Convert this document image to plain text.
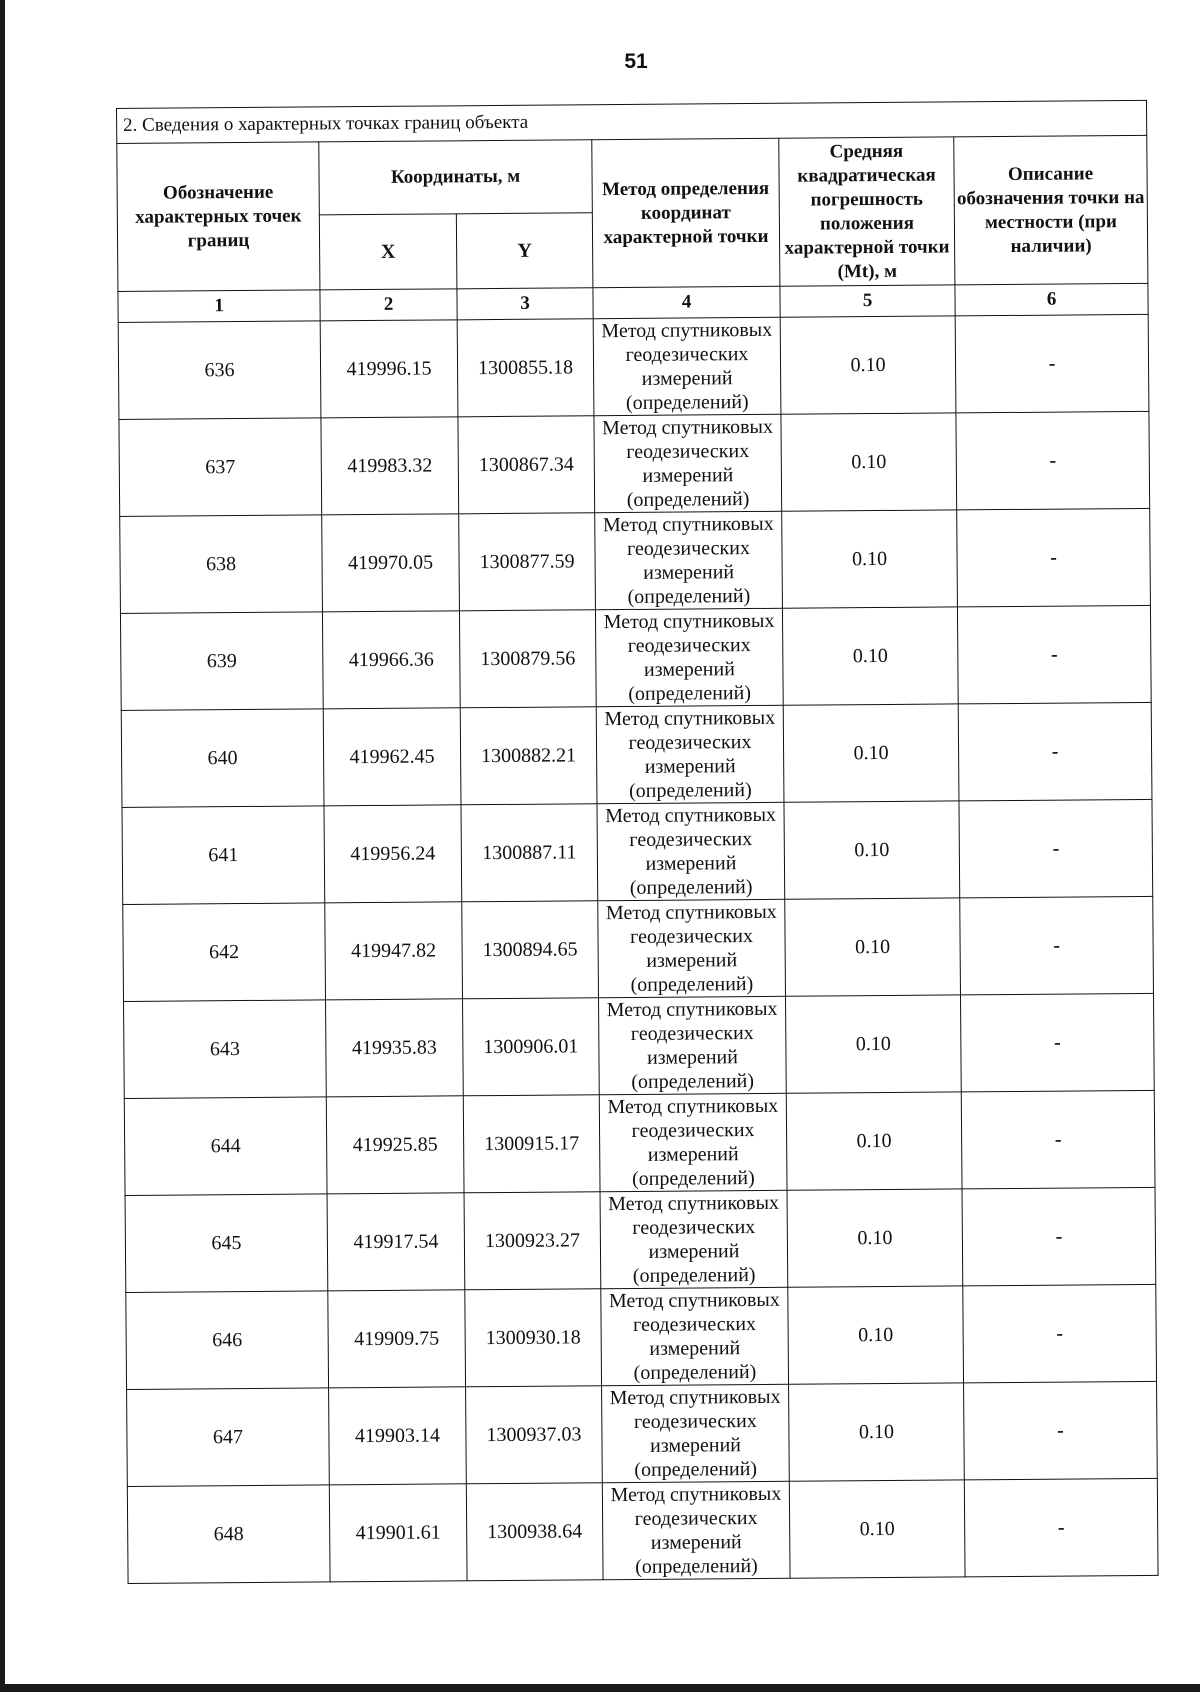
51
2. Сведения о характерных точках границ объекта					
Обозначение характерных точек границ	Координаты, м		Метод определения координат характерной точки	Средняя квадратическая погрешность положения характерной точки (Mt), м	Описание обозначения точки на местности (при наличии)
	X	Y			
1	2	3	4	5	6
636	419996.15	1300855.18	Метод спутниковых геодезических измерений (определений)	0.10	-
637	419983.32	1300867.34	Метод спутниковых геодезических измерений (определений)	0.10	-
638	419970.05	1300877.59	Метод спутниковых геодезических измерений (определений)	0.10	-
639	419966.36	1300879.56	Метод спутниковых геодезических измерений (определений)	0.10	-
640	419962.45	1300882.21	Метод спутниковых геодезических измерений (определений)	0.10	-
641	419956.24	1300887.11	Метод спутниковых геодезических измерений (определений)	0.10	-
642	419947.82	1300894.65	Метод спутниковых геодезических измерений (определений)	0.10	-
643	419935.83	1300906.01	Метод спутниковых геодезических измерений (определений)	0.10	-
644	419925.85	1300915.17	Метод спутниковых геодезических измерений (определений)	0.10	-
645	419917.54	1300923.27	Метод спутниковых геодезических измерений (определений)	0.10	-
646	419909.75	1300930.18	Метод спутниковых геодезических измерений (определений)	0.10	-
647	419903.14	1300937.03	Метод спутниковых геодезических измерений (определений)	0.10	-
648	419901.61	1300938.64	Метод спутниковых геодезических измерений (определений)	0.10	-
